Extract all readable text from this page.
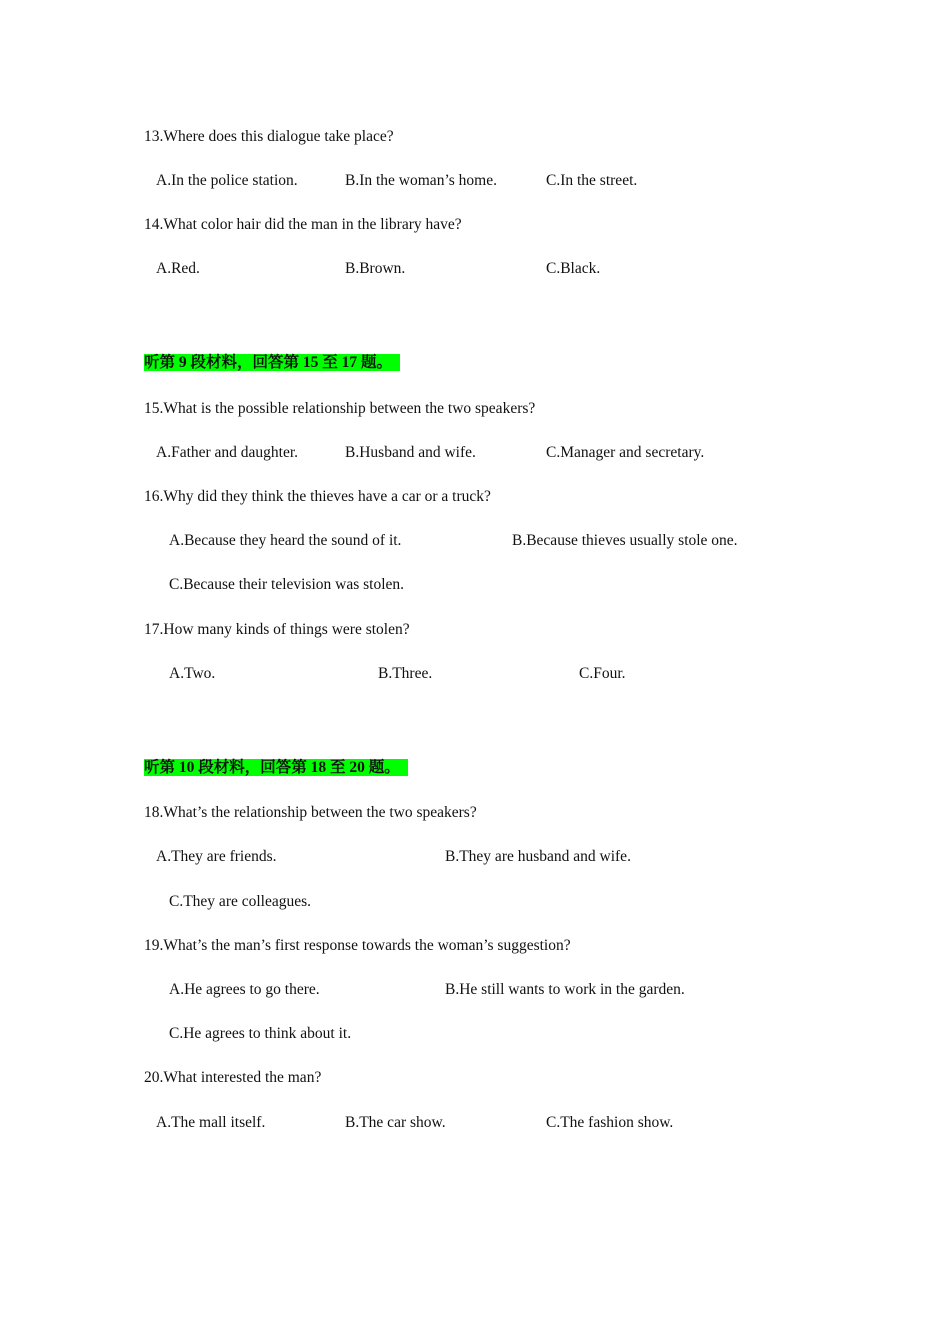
13.Where does this dialogue take place?
A.In the police station.	B.In the woman’s home.	C.In the street.
14.What color hair did the man in the library have?
A.Red.	B.Brown.	C.Black.
听第 9 段材料，回答第 15 至 17 题。
15.What is the possible relationship between the two speakers?
A.Father and daughter.	B.Husband and wife.	C.Manager and secretary.
16.Why did they think the thieves have a car or a truck?
A.Because they heard the sound of it.	B.Because thieves usually stole one.
C.Because their television was stolen.
17.How many kinds of things were stolen?
A.Two.	B.Three.	C.Four.
听第 10 段材料，回答第 18 至 20 题。
18.What’s the relationship between the two speakers?
A.They are friends.	B.They are husband and wife.
C.They are colleagues.
19.What’s the man’s first response towards the woman’s suggestion?
A.He agrees to go there.	B.He still wants to work in the garden.
C.He agrees to think about it.
20.What interested the man?
A.The mall itself.	B.The car show.	C.The fashion show.
